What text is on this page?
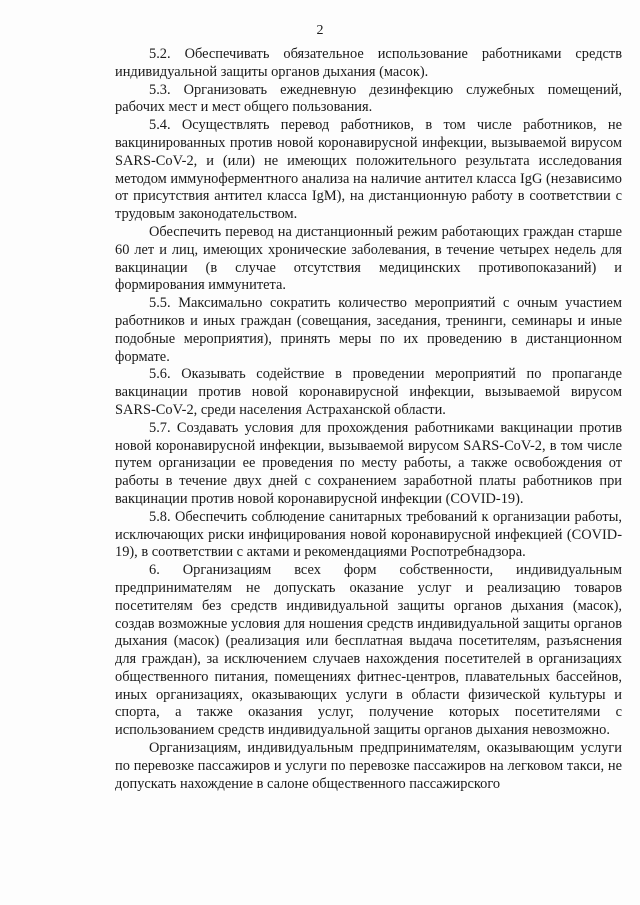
2

5.2. Обеспечивать обязательное использование работниками средств индивидуальной защиты органов дыхания (масок).

5.3. Организовать ежедневную дезинфекцию служебных помещений, рабочих мест и мест общего пользования.

5.4. Осуществлять перевод работников, в том числе работников, не вакцинированных против новой коронавирусной инфекции, вызываемой вирусом SARS-CoV-2, и (или) не имеющих положительного результата исследования методом иммуноферментного анализа на наличие антител класса IgG (независимо от присутствия антител класса IgM), на дистанционную работу в соответствии с трудовым законодательством.

Обеспечить перевод на дистанционный режим работающих граждан старше 60 лет и лиц, имеющих хронические заболевания, в течение четырех недель для вакцинации (в случае отсутствия медицинских противопоказаний) и формирования иммунитета.

5.5. Максимально сократить количество мероприятий с очным участием работников и иных граждан (совещания, заседания, тренинги, семинары и иные подобные мероприятия), принять меры по их проведению в дистанционном формате.

5.6. Оказывать содействие в проведении мероприятий по пропаганде вакцинации против новой коронавирусной инфекции, вызываемой вирусом SARS-CoV-2, среди населения Астраханской области.

5.7. Создавать условия для прохождения работниками вакцинации против новой коронавирусной инфекции, вызываемой вирусом SARS-CoV-2, в том числе путем организации ее проведения по месту работы, а также освобождения от работы в течение двух дней с сохранением заработной платы работников при вакцинации против новой коронавирусной инфекции (COVID-19).

5.8. Обеспечить соблюдение санитарных требований к организации работы, исключающих риски инфицирования новой коронавирусной инфекцией (COVID-19), в соответствии с актами и рекомендациями Роспотребнадзора.

6. Организациям всех форм собственности, индивидуальным предпринимателям не допускать оказание услуг и реализацию товаров посетителям без средств индивидуальной защиты органов дыхания (масок), создав возможные условия для ношения средств индивидуальной защиты органов дыхания (масок) (реализация или бесплатная выдача посетителям, разъяснения для граждан), за исключением случаев нахождения посетителей в организациях общественного питания, помещениях фитнес-центров, плавательных бассейнов, иных организациях, оказывающих услуги в области физической культуры и спорта, а также оказания услуг, получение которых посетителями с использованием средств индивидуальной защиты органов дыхания невозможно.

Организациям, индивидуальным предпринимателям, оказывающим услуги по перевозке пассажиров и услуги по перевозке пассажиров на легковом такси, не допускать нахождение в салоне общественного пассажирского
